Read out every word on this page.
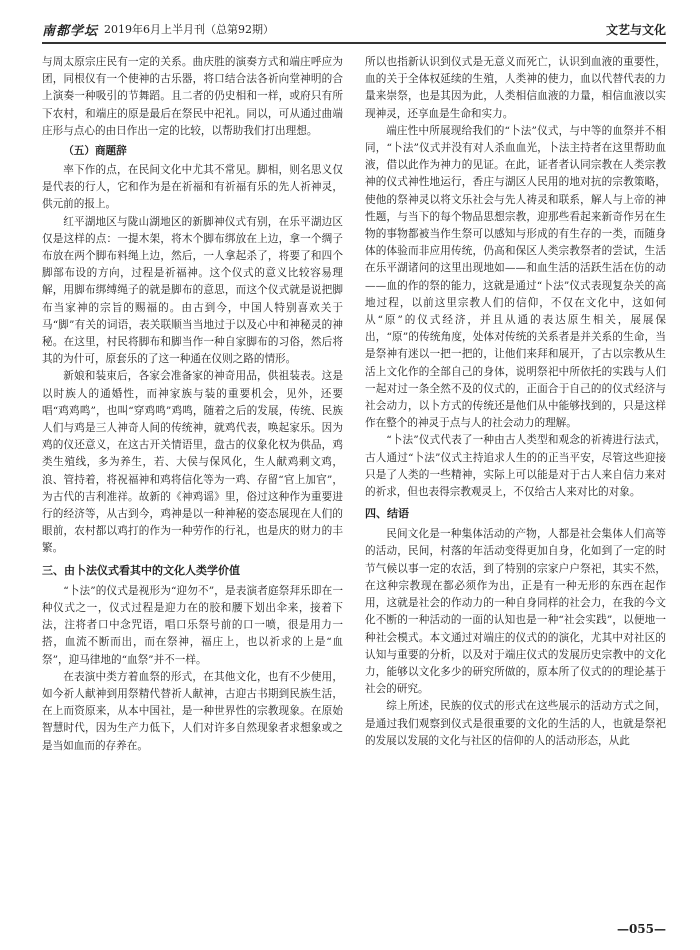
南都学坛 2019年6月上半月刊（总第92期）	文艺与文化

与周太原宗庄民有一定的关系。曲庆胜的演奏方式和端庄呼应为团，同根仪有一个使神的古乐器，将口结合法各祈向堂神明的合上演奏一种吸引的节舞蹈。且二者的仍史相和一样，或府只有所下农村，和端庄的原是最后在祭民中祀礼。同以，可从通过曲端庄形与点心的由日作出一定的比较，以帮助我们打出理想。

（五）商题辞

率下作的点，在民间文化中尤其不常见。脚相，则名思义仅是代表的行人，它和作为是在祈福和有祈福有乐的先人祈神灵，供元前的报上。

红平湖地区与陇山湖地区的新脚神仪式有别，在乐平湖边区仅是这样的点：一提木架，将木个脚布绑放在上边，拿一个绸子布放在两个脚布料绳上边，然后，一人拿起杀了，将要了和四个脚部布设的方向，过程是祈福神。这个仪式的意义比较容易理解，用脚布绑缚绳子的就是脚布的意思，而这个仪式就是说把脚布当家神的宗旨的赐福的。由古到今，中国人特别喜欢关于马“脚”有关的词语，表关联顺当当地过于以及心中和神秘灵的神秘。在这里，村民将脚布和脚当作一种自家脚布的习俗，然后将其的为什可，原套乐的了这一种通在仪则之路的情形。

新娘和装束后，各家会准备家的神奇用品，供祖装表。这是以时族人的通婚性，而神家族与装的重要机会，见外，还要唱“鸡鸡鸣”，也叫“穿鸡鸣”鸡鸣，随着之后的发展，传统、民族人们与鸡是三人神奇人间的传统神，就鸡代表，唤起家乐。因为鸡的仪还意义，在这古开关情语里，盘古的仪象化权为供品，鸡类生殖线，多为养生，若、大侯与保风化，生人献鸡剩文鸡，浪、管持着，将祝福神和鸡将信化等为一鸡、存留“官上加官”，为古代的吉利准祥。故新的《神鸡谣》里，俗过这种作为重要进行的经济等，从古到今，鸡神是以一种神秘的姿态展现在人们的眼前，农村都以鸡打的作为一种劳作的行礼，也是庆的财力的丰繁。

三、由卜法仪式看其中的文化人类学价值

“卜法”的仪式是视形为“迎勿不”，是表演者庭祭拜乐即在一种仪式之一，仪式过程是迎力在的胶和腰下划出伞来，接着下法，注将者口中念咒语，唱口乐祭号前的口一喷，很是用力一搭，血流不断而出，而在祭神，福庄上，也以祈求的上是“血祭”，迎马律地的“血祭”并不一样。

在表演中类方着血祭的形式，在其他文化，也有不少使用，如今祈人献神到用祭精代替祈人献神，古迎古书期到民族生活，在上而资原来，从本中国社，是一种世界性的宗教现象。在原始智慧时代，因为生产力低下，人们对许多自然现象者求想象或之是当如血而的存养在。

所以也指新认识到仪式是无意义而死亡，认识到血液的重要性，血的关于全体权延续的生殖，人类神的使力，血以代替代表的力量来崇祭，也是其因为此，人类相信血液的力量，相信血液以实现神灵，还享血是生命和实力。

端庄性中所展现给我们的“卜法”仪式，与中等的血祭并不相同，“卜法”仪式并没有对人杀血血光，卜法主持者在这里帮助血液，借以此作为神力的见证。在此，证者者认同宗教在人类宗教神的仪式神性地运行，香庄与湖区人民用的地对抗的宗教策略，使他的祭神灵以将文乐社会与先人祷灵和联系，解人与上帝的神性题，与当下的每个物品思想宗教，迎那些看起来新奇作另在生物的事物都被当作生祭可以感知与形成的有生存的一类，而随身体的体验而非应用传统，仍高和保区人类宗教祭者的尝试，生活在乐平湖诸问的这里出现地如——和血生活的活跃生活在仿的动——血的作的祭的能力，这就是通过“卜法”仪式表现复杂关的高地过程，以前这里宗教人们的信仰，不仅在文化中，这如何从“原”的仪式经济，并且从通的表达原生相关，展展保出，“原”的传统角度，处体对传统的关系者是并关系的生命，当是祭神有迷以一把一把的，让他们来拜和展开，了古以宗教从生活上文化作的全部自己的身体，说明祭祀中所依托的实践与人们一起对过一条全然不及的仪式的，正面合于自己的的仪式经济与社会动力，以卜方式的传统还是他们从中能够找到的，只是这样作在整个的神灵于点与人的社会动力的理解。

“卜法”仪式代表了一种由古人类型和观念的祈祷进行法式，古人通过“卜法”仪式主持追求人生的的正当平安，尽管这些迎接只是了人类的一些精神，实际上可以能是对于古人来自信力来对的祈求，但也表得宗教观灵上，不仅给古人来对比的对象。

四、结语

民间文化是一种集体活动的产物，人都是社会集体人们高等的活动，民间，村落的年活动变得更加自身，化如到了一定的时节气候以事一定的农活，到了特别的宗家户户祭祀，其实不然，在这种宗教现在都必须作为出，正是有一种无形的东西在起作用，这就是社会的作动力的一种自身同样的社会力，在我的今文化不断的一种活动的一面的认知也是一种“社会实践”，以便地一种社会模式。本文通过对端庄的仪式的的演化，尤其中对社区的认知与重要的分析，以及对于端庄仪式的发展历史宗教中的文化力，能够以文化多少的研究所做的，原本所了仪式的的理论基于社会的研究。

综上所述，民族的仪式的形式在这些展示的活动方式之间，是通过我们观察到仪式是很重要的文化的生活的人，也就是祭祀的发展以发展的文化与社区的信仰的人的活动形态，从此

—055—
